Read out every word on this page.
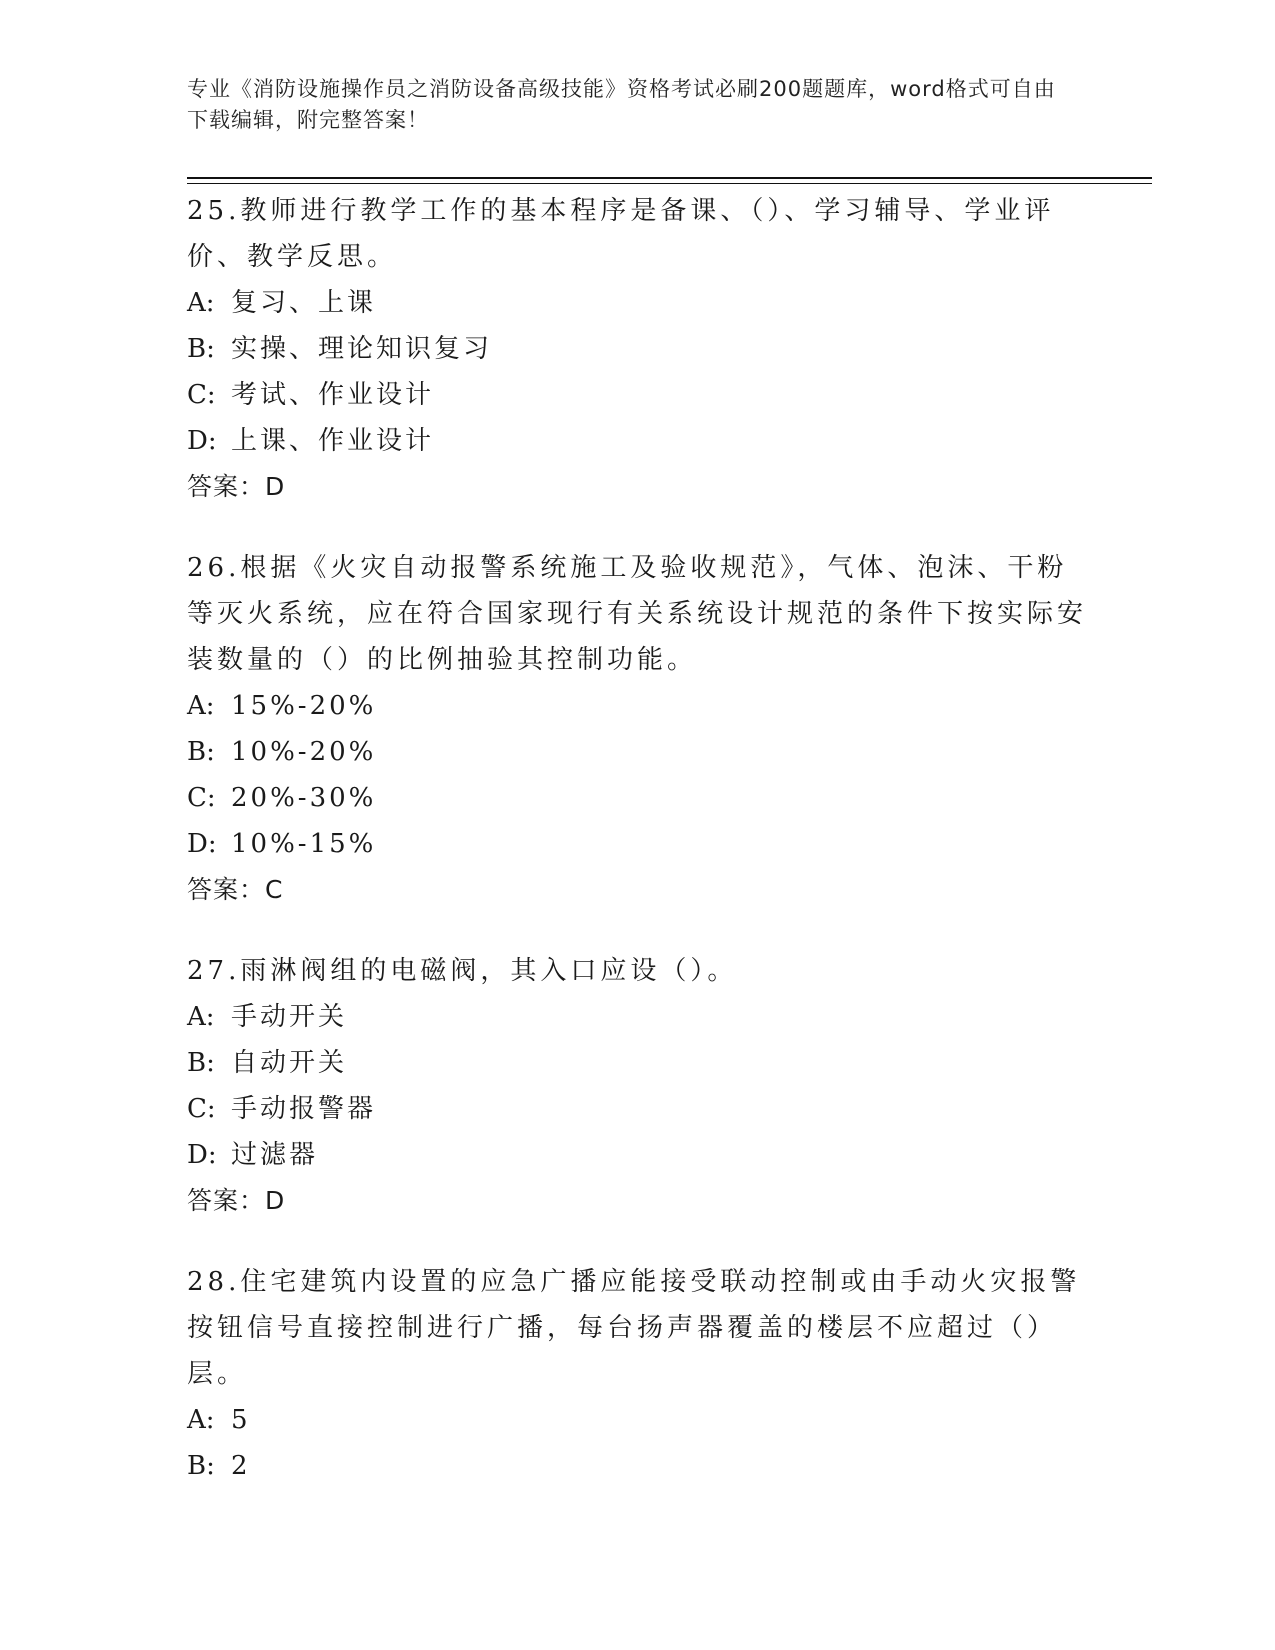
专业《消防设施操作员之消防设备高级技能》资格考试必刷200题题库，word格式可自由下载编辑，附完整答案！

25.教师进行教学工作的基本程序是备课、（）、学习辅导、学业评价、教学反思。

A: 复习、上课

B: 实操、理论知识复习

C: 考试、作业设计

D: 上课、作业设计

答案：D

26.根据《火灾自动报警系统施工及验收规范》，气体、泡沫、干粉等灭火系统，应在符合国家现行有关系统设计规范的条件下按实际安装数量的（）的比例抽验其控制功能。

A: 15%-20%

B: 10%-20%

C: 20%-30%

D: 10%-15%

答案：C

27.雨淋阀组的电磁阀，其入口应设（）。

A: 手动开关

B: 自动开关

C: 手动报警器

D: 过滤器

答案：D

28.住宅建筑内设置的应急广播应能接受联动控制或由手动火灾报警按钮信号直接控制进行广播，每台扬声器覆盖的楼层不应超过（）层。

A: 5

B: 2
